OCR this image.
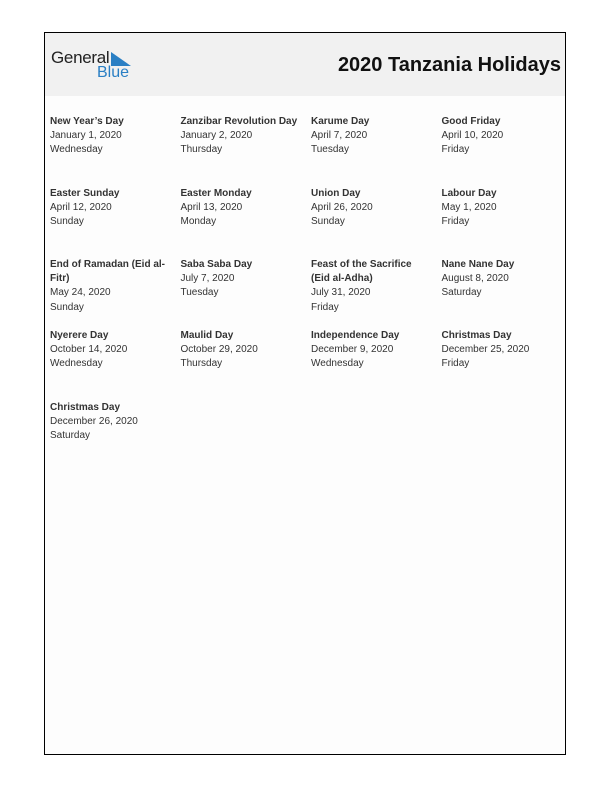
General
Blue	2020 Tanzania Holidays
New Year’s Day
January 1, 2020
Wednesday
Zanzibar Revolution Day
January 2, 2020
Thursday
Karume Day
April 7, 2020
Tuesday
Good Friday
April 10, 2020
Friday
Easter Sunday
April 12, 2020
Sunday
Easter Monday
April 13, 2020
Monday
Union Day
April 26, 2020
Sunday
Labour Day
May 1, 2020
Friday
End of Ramadan (Eid al-Fitr)
May 24, 2020
Sunday
Saba Saba Day
July 7, 2020
Tuesday
Feast of the Sacrifice (Eid al-Adha)
July 31, 2020
Friday
Nane Nane Day
August 8, 2020
Saturday
Nyerere Day
October 14, 2020
Wednesday
Maulid Day
October 29, 2020
Thursday
Independence Day
December 9, 2020
Wednesday
Christmas Day
December 25, 2020
Friday
Christmas Day
December 26, 2020
Saturday
